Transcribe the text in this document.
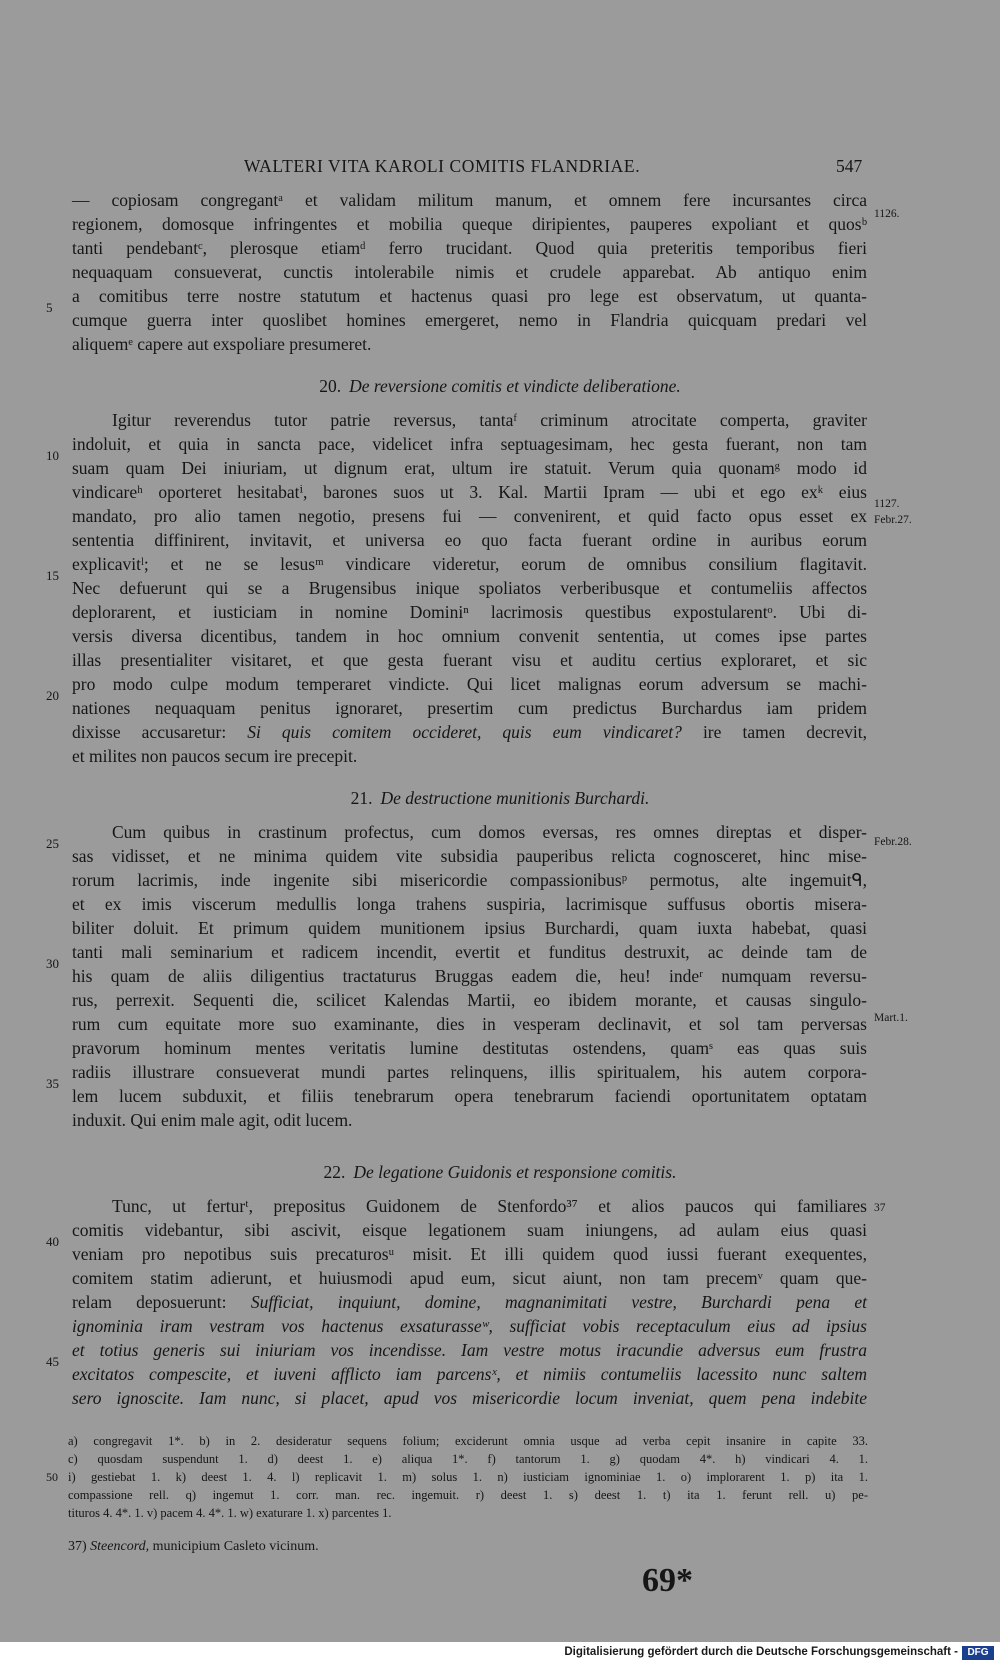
WALTERI VITA KAROLI COMITIS FLANDRIAE.	547
— copiosam congregantᵃ et validam militum manum, et omnem fere incursantes circa
regionem, domosque infringentes et mobilia queque diripientes, pauperes expoliant et quosᵇ
tanti pendebantᶜ, plerosque etiamᵈ ferro trucidant. Quod quia preteritis temporibus fieri
nequaquam consueverat, cunctis intolerabile nimis et crudele apparebat. Ab antiquo enim
a comitibus terre nostre statutum et hactenus quasi pro lege est observatum, ut quanta-
cumque guerra inter quoslibet homines emergeret, nemo in Flandria quicquam predari vel
aliquemᵉ capere aut exspoliare presumeret.
20. De reversione comitis et vindicte deliberatione.
Igitur reverendus tutor patrie reversus, tantaᶠ criminum atrocitate comperta, graviter
indoluit, et quia in sancta pace, videlicet infra septuagesimam, hec gesta fuerant, non tam
suam quam Dei iniuriam, ut dignum erat, ultum ire statuit. Verum quia quonamᵍ modo id
vindicareʰ oporteret hesitabatⁱ, barones suos ut 3. Kal. Martii Ipram — ubi et ego exᵏ eius
mandato, pro alio tamen negotio, presens fui — convenirent, et quid facto opus esset ex
sententia diffinirent, invitavit, et universa eo quo facta fuerant ordine in auribus eorum
explicavitˡ; et ne se lesusᵐ vindicare videretur, eorum de omnibus consilium flagitavit.
Nec defuerunt qui se a Brugensibus inique spoliatos verberibusque et contumeliis affectos
deplorarent, et iusticiam in nomine Dominiⁿ lacrimosis questibus expostularentᵒ. Ubi di-
versis diversa dicentibus, tandem in hoc omnium convenit sententia, ut comes ipse partes
illas presentialiter visitaret, et que gesta fuerant visu et auditu certius exploraret, et sic
pro modo culpe modum temperaret vindicte. Qui licet malignas eorum adversum se machi-
nationes nequaquam penitus ignoraret, presertim cum predictus Burchardus iam pridem
dixisse accusaretur: Si quis comitem occideret, quis eum vindicaret? ire tamen decrevit,
et milites non paucos secum ire precepit.
21. De destructione munitionis Burchardi.
Cum quibus in crastinum profectus, cum domos eversas, res omnes direptas et disper-
sas vidisset, et ne minima quidem vite subsidia pauperibus relicta cognosceret, hinc mise-
rorum lacrimis, inde ingenite sibi misericordie compassionibusᵖ permotus, alte ingemuitᑫ,
et ex imis viscerum medullis longa trahens suspiria, lacrimisque suffusus obortis misera-
biliter doluit. Et primum quidem munitionem ipsius Burchardi, quam iuxta habebat, quasi
tanti mali seminarium et radicem incendit, evertit et funditus destruxit, ac deinde tam de
his quam de aliis diligentius tractaturus Bruggas eadem die, heu! indeʳ numquam reversu-
rus, perrexit. Sequenti die, scilicet Kalendas Martii, eo ibidem morante, et causas singulo-
rum cum equitate more suo examinante, dies in vesperam declinavit, et sol tam perversas
pravorum hominum mentes veritatis lumine destitutas ostendens, quamˢ eas quas suis
radiis illustrare consueverat mundi partes relinquens, illis spiritualem, his autem corpora-
lem lucem subduxit, et filiis tenebrarum opera tenebrarum faciendi oportunitatem optatam
induxit. Qui enim male agit, odit lucem.
22. De legatione Guidonis et responsione comitis.
Tunc, ut ferturᵗ, prepositus Guidonem de Stenfordo³⁷ et alios paucos qui familiares
comitis videbantur, sibi ascivit, eisque legationem suam iniungens, ad aulam eius quasi
veniam pro nepotibus suis precaturosᵘ misit. Et illi quidem quod iussi fuerant exequentes,
comitem statim adierunt, et huiusmodi apud eum, sicut aiunt, non tam precemᵛ quam que-
relam deposuerunt: Sufficiat, inquiunt, domine, magnanimitati vestre, Burchardi pena et
ignominia iram vestram vos hactenus exsaturasseʷ, sufficiat vobis receptaculum eius ad ipsius
et totius generis sui iniuriam vos incendisse. Iam vestre motus iracundie adversus eum frustra
excitatos compescite, et iuveni afflicto iam parcensˣ, et nimiis contumeliis lacessito nunc saltem
sero ignoscite. Iam nunc, si placet, apud vos misericordie locum inveniat, quem pena indebite
5
10
15
20
25
30
35
40
45
50
1126.
1127.
Febr.27.
Febr.28.
Mart.1.
37
a) congregavit 1*. b) in 2. desideratur sequens folium; exciderunt omnia usque ad verba cepit insanire in capite 33.
c) quosdam suspendunt 1. d) deest 1. e) aliqua 1*. f) tantorum 1. g) quodam 4*. h) vindicari 4. 1.
i) gestiebat 1. k) deest 1. 4. l) replicavit 1. m) solus 1. n) iusticiam ignominiae 1. o) implorarent 1. p) ita 1.
compassione rell. q) ingemut 1. corr. man. rec. ingemuit. r) deest 1. s) deest 1. t) ita 1. ferunt rell. u) pe-
tituros 4. 4*. 1. v) pacem 4. 4*. 1. w) exaturare 1. x) parcentes 1.
37) Steencord, municipium Casleto vicinum.
69*
Digitalisierung gefördert durch die Deutsche Forschungsgemeinschaft - DFG
